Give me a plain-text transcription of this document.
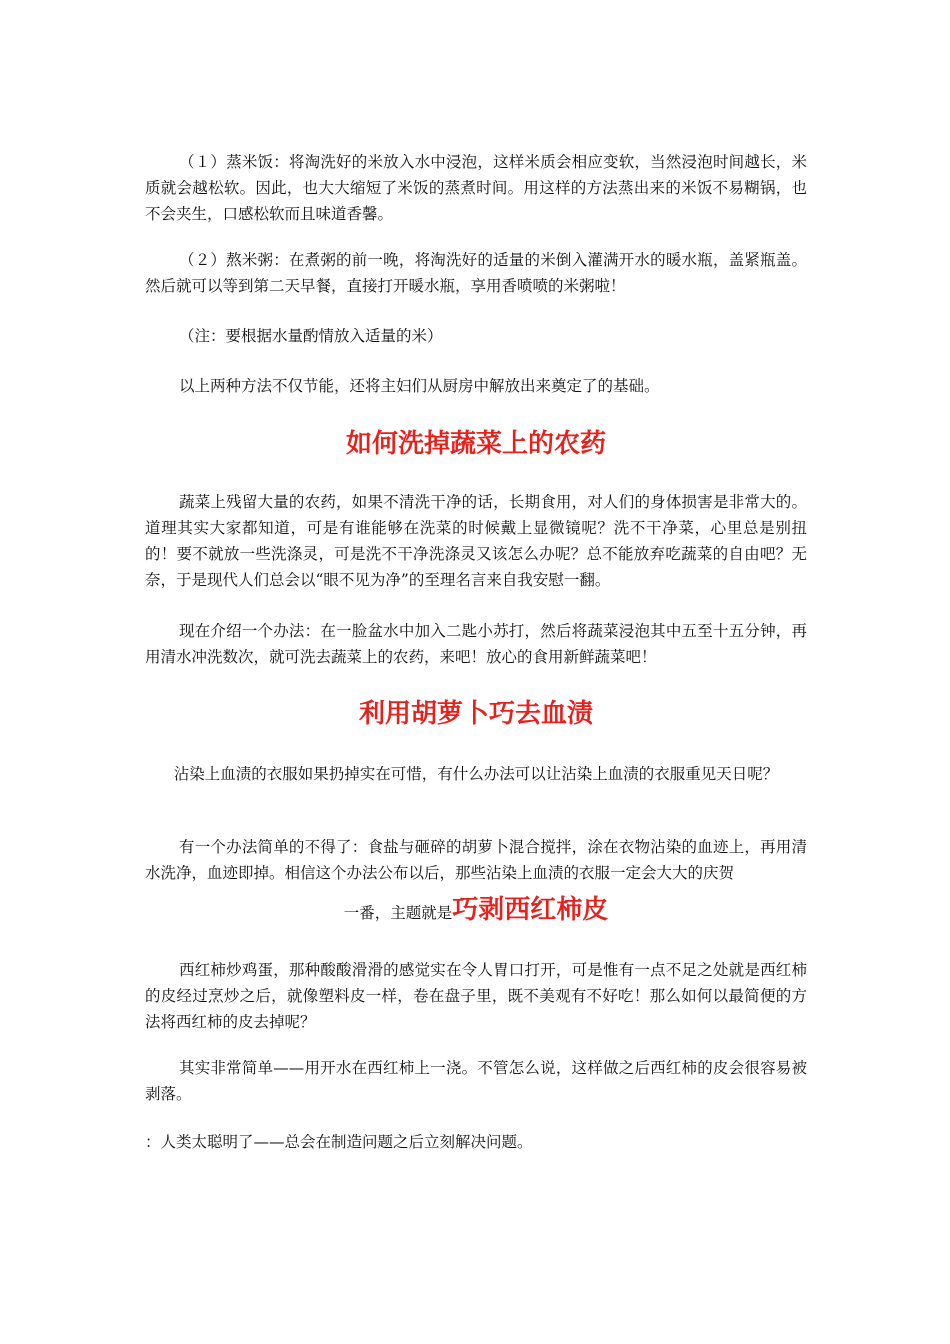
（１）蒸米饭：将淘洗好的米放入水中浸泡，这样米质会相应变软，当然浸泡时间越长，米质就会越松软。因此，也大大缩短了米饭的蒸煮时间。用这样的方法蒸出来的米饭不易糊锅，也不会夹生，口感松软而且味道香馨。

（２）熬米粥：在煮粥的前一晚，将淘洗好的适量的米倒入灌满开水的暖水瓶，盖紧瓶盖。然后就可以等到第二天早餐，直接打开暖水瓶，享用香喷喷的米粥啦！

（注：要根据水量酌情放入适量的米）

以上两种方法不仅节能，还将主妇们从厨房中解放出来奠定了的基础。

如何洗掉蔬菜上的农药

蔬菜上残留大量的农药，如果不清洗干净的话，长期食用，对人们的身体损害是非常大的。道理其实大家都知道，可是有谁能够在洗菜的时候戴上显微镜呢？洗不干净菜，心里总是别扭的！要不就放一些洗涤灵，可是洗不干净洗涤灵又该怎么办呢？总不能放弃吃蔬菜的自由吧？无奈，于是现代人们总会以“眼不见为净”的至理名言来自我安慰一翻。

现在介绍一个办法：在一脸盆水中加入二匙小苏打，然后将蔬菜浸泡其中五至十五分钟，再用清水冲洗数次，就可洗去蔬菜上的农药，来吧！放心的食用新鲜蔬菜吧！

利用胡萝卜巧去血渍

沾染上血渍的衣服如果扔掉实在可惜，有什么办法可以让沾染上血渍的衣服重见天日呢？

有一个办法简单的不得了：食盐与砸碎的胡萝卜混合搅拌，涂在衣物沾染的血迹上，再用清水洗净，血迹即掉。相信这个办法公布以后，那些沾染上血渍的衣服一定会大大的庆贺

一番，主题就是巧剥西红柿皮

西红柿炒鸡蛋，那种酸酸滑滑的感觉实在令人胃口打开，可是惟有一点不足之处就是西红柿的皮经过烹炒之后，就像塑料皮一样，卷在盘子里，既不美观有不好吃！那么如何以最简便的方法将西红柿的皮去掉呢？

其实非常简单——用开水在西红柿上一浇。不管怎么说，这样做之后西红柿的皮会很容易被剥落。

：人类太聪明了——总会在制造问题之后立刻解决问题。
